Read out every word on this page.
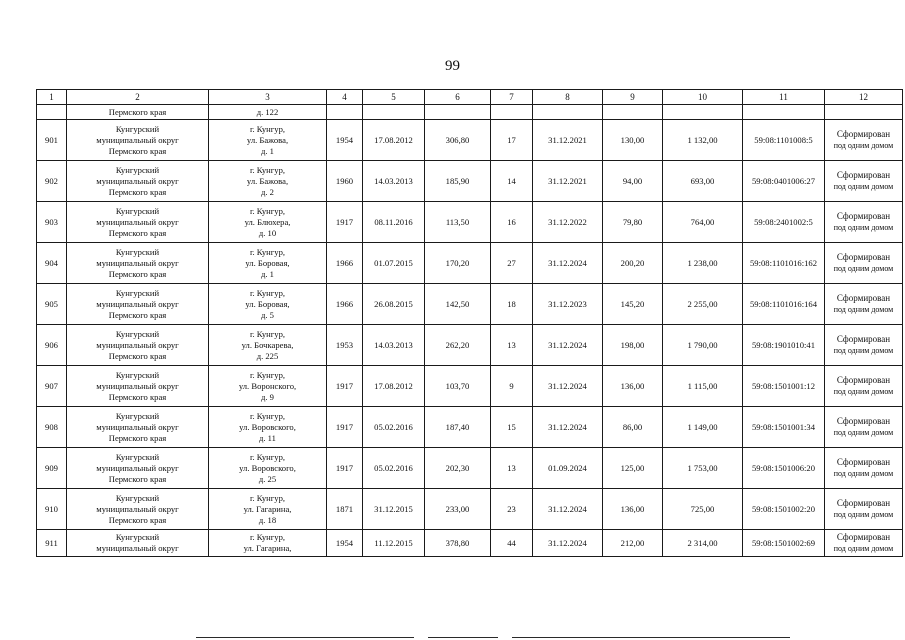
99
1	2	3	4	5	6	7	8	9	10	11	12

	Пермского края	д. 122									

901	Кунгурский
муниципальный округ
Пермского края	г. Кунгур,
ул. Бажова,
д. 1	1954	17.08.2012	306,80	17	31.12.2021	130,00	1 132,00	59:08:1101008:5	Сформирован
под одним домом

902	Кунгурский
муниципальный округ
Пермского края	г. Кунгур,
ул. Бажова,
д. 2	1960	14.03.2013	185,90	14	31.12.2021	94,00	693,00	59:08:0401006:27	Сформирован
под одним домом

903	Кунгурский
муниципальный округ
Пермского края	г. Кунгур,
ул. Блюхера,
д. 10	1917	08.11.2016	113,50	16	31.12.2022	79,80	764,00	59:08:2401002:5	Сформирован
под одним домом

904	Кунгурский
муниципальный округ
Пермского края	г. Кунгур,
ул. Боровая,
д. 1	1966	01.07.2015	170,20	27	31.12.2024	200,20	1 238,00	59:08:1101016:162	Сформирован
под одним домом

905	Кунгурский
муниципальный округ
Пермского края	г. Кунгур,
ул. Боровая,
д. 5	1966	26.08.2015	142,50	18	31.12.2023	145,20	2 255,00	59:08:1101016:164	Сформирован
под одним домом

906	Кунгурский
муниципальный округ
Пермского края	г. Кунгур,
ул. Бочкарева,
д. 225	1953	14.03.2013	262,20	13	31.12.2024	198,00	1 790,00	59:08:1901010:41	Сформирован
под одним домом

907	Кунгурский
муниципальный округ
Пермского края	г. Кунгур,
ул. Воронского,
д. 9	1917	17.08.2012	103,70	9	31.12.2024	136,00	1 115,00	59:08:1501001:12	Сформирован
под одним домом

908	Кунгурский
муниципальный округ
Пермского края	г. Кунгур,
ул. Воровского,
д. 11	1917	05.02.2016	187,40	15	31.12.2024	86,00	1 149,00	59:08:1501001:34	Сформирован
под одним домом

909	Кунгурский
муниципальный округ
Пермского края	г. Кунгур,
ул. Воровского,
д. 25	1917	05.02.2016	202,30	13	01.09.2024	125,00	1 753,00	59:08:1501006:20	Сформирован
под одним домом

910	Кунгурский
муниципальный округ
Пермского края	г. Кунгур,
ул. Гагарина,
д. 18	1871	31.12.2015	233,00	23	31.12.2024	136,00	725,00	59:08:1501002:20	Сформирован
под одним домом

911	Кунгурский
муниципальный округ	г. Кунгур,
ул. Гагарина,	1954	11.12.2015	378,80	44	31.12.2024	212,00	2 314,00	59:08:1501002:69	Сформирован
под одним домом
